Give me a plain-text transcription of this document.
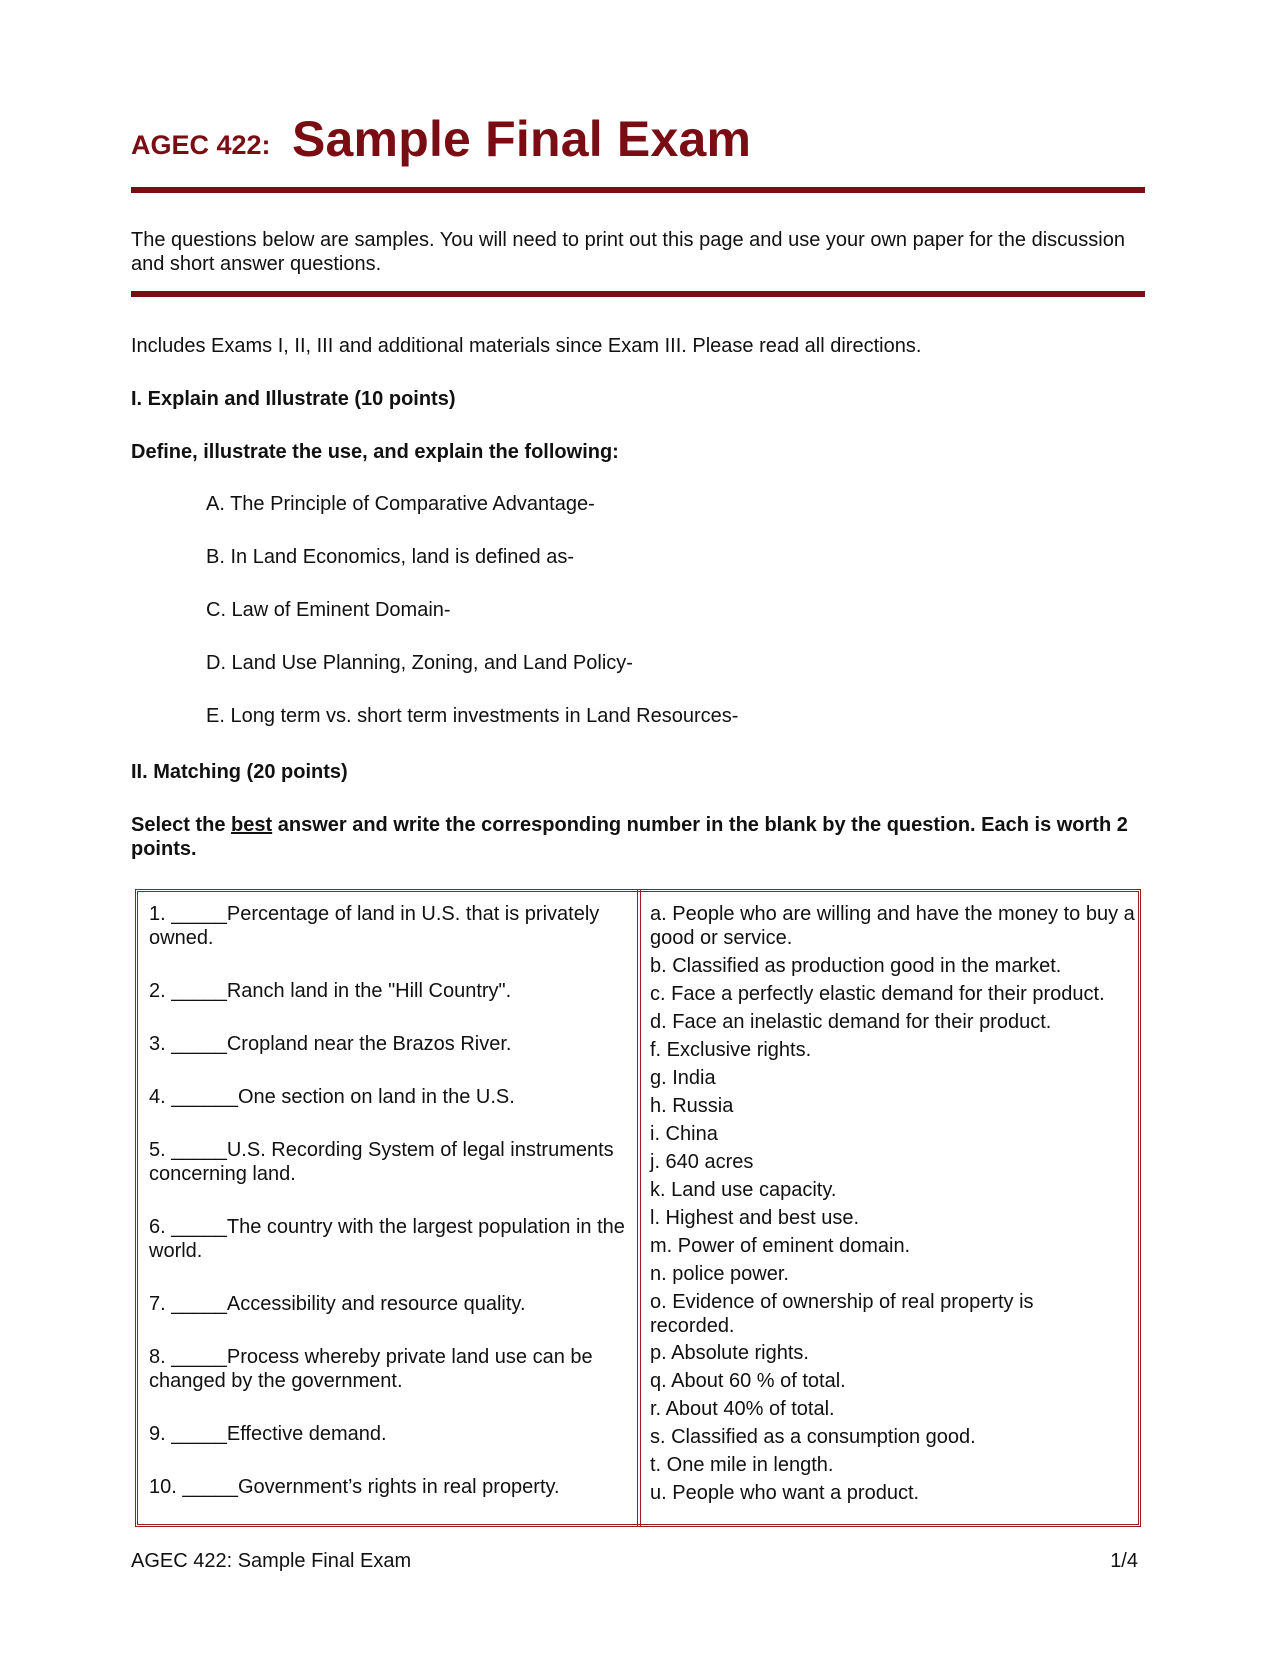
AGEC 422: Sample Final Exam
The questions below are samples. You will need to print out this page and use your own paper for the discussion and short answer questions.
Includes Exams I, II, III and additional materials since Exam III. Please read all directions.
I. Explain and Illustrate (10 points)
Define, illustrate the use, and explain the following:
A. The Principle of Comparative Advantage-
B. In Land Economics, land is defined as-
C. Law of Eminent Domain-
D. Land Use Planning, Zoning, and Land Policy-
E. Long term vs. short term investments in Land Resources-
II. Matching (20 points)
Select the best answer and write the corresponding number in the blank by the question. Each is worth 2 points.
1. _____Percentage of land in U.S. that is privately owned.
2. _____Ranch land in the "Hill Country".
3. _____Cropland near the Brazos River.
4. ______One section on land in the U.S.
5. _____U.S. Recording System of legal instruments concerning land.
6. _____The country with the largest population in the world.
7. _____Accessibility and resource quality.
8. _____Process whereby private land use can be changed by the government.
9. _____Effective demand.
10. _____Government’s rights in real property.
a. People who are willing and have the money to buy a good or service.
b. Classified as production good in the market.
c. Face a perfectly elastic demand for their product.
d. Face an inelastic demand for their product.
f. Exclusive rights.
g. India
h. Russia
i. China
j. 640 acres
k. Land use capacity.
l. Highest and best use.
m. Power of eminent domain.
n. police power.
o. Evidence of ownership of real property is recorded.
p. Absolute rights.
q. About 60 % of total.
r. About 40% of total.
s. Classified as a consumption good.
t. One mile in length.
u. People who want a product.
AGEC 422: Sample Final Exam	1/4
